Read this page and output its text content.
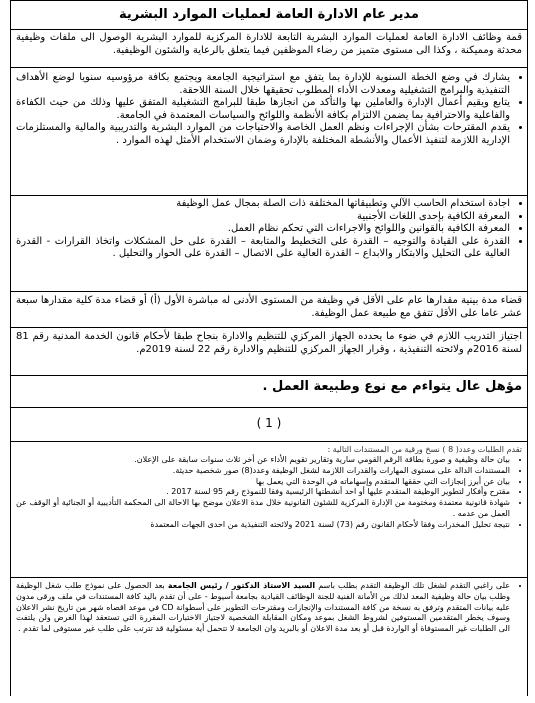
مدير عام الادارة العامة لعمليات الموارد البشرية

قمة وظائف الادارة العامة لعمليات الموارد البشرية التابعة للادارة المركزية للموارد البشرية الوصول الى ملفات وظيفية محدثة ومميكنة ، وكذا الى مستوى متميز من رضاء الموظفين فيما يتعلق بالرعاية والشئون الوظيفية.

• يشارك في وضع الخطة السنوية للإدارة بما يتفق مع استراتيجية الجامعة ويجتمع بكافة مرؤوسيه سنويا لوضع الأهداف التنفيذية والبرامج التشغيلية ومعدلات الأداء المطلوب تحقيقها خلال السنة اللاحقة.
• يتابع ويقيم أعمال الإدارة والعاملين بها والتأكد من انجازها طبقا للبرامج التشغيلية المتفق عليها وذلك من حيث الكفاءة والفاعلية والاحترافية بما يضمن الالتزام بكافة الأنظمة واللوائح والسياسات المعتمدة في الجامعة.
• يقدم المقترحات بشأن الإجراءات ونظم العمل الخاصة والاحتياجات من الموارد البشرية والتدريبية والمالية والمستلزمات الإدارية اللازمة لتنفيذ الأعمال والأنشطة المختلفة بالإدارة وضمان الاستخدام الأمثل لهذه الموارد .
• اجادة استخدام الحاسب الآلي وتطبيقاتها المختلفة ذات الصلة بمجال عمل الوظيفة
• المعرفة الكافية بإحدى اللغات الأجنبية
• المعرفة الكافية بالقوانين واللوائح والاجراءات التي تحكم نظام العمل.
• القدرة على القيادة والتوجيه – القدرة على التخطيط والمتابعة – القدرة على حل المشكلات واتخاذ القرارات - القدرة العالية على التحليل والابتكار والابداع – القدرة العالية على الاتصال – القدرة على الحوار والتحليل .

قضاء مدة بينية مقدارها عام على الأقل في وظيفة من المستوى الأدنى له مباشرة الأول (أ) أو قضاء مدة كلية مقدارها سبعة عشر عاما على الأقل تتفق مع طبيعة عمل الوظيفة.

اجتياز التدريب اللازم في ضوء ما يحدده الجهاز المركزي للتنظيم والادارة بنجاح طبقا لأحكام قانون الخدمة المدنية رقم 81 لسنة 2016م ولائحته التنفيذية ، وقرار الجهاز المركزي للتنظيم والادارة رقم 22 لسنة 2019م.

مؤهل عال يتواءم مع نوع وطبيعة العمل .

( 1 )

تقدم الطلبات وعدد( 8 ) نسخ ورقية من المستندات التالية :

• بيان حالة وظيفية و صورة بطاقة الرقم القومي سارية وتقارير تقويم الأداء عن أخر ثلاث سنوات سابقة على الإعلان.
• المستندات الدالة على مستوى المهارات والقدرات اللازمة لشغل الوظيفة وعدد(8) صور شخصية حديثة.
• بيان عن أبرز إنجازات التي حققها المتقدم وإسهاماته في الوحدة التي يعمل بها
• مقترح وأفكار لتطوير الوظيفة المتقدم عليها أو احد أنشطتها الرئيسية وفقا للنموذج رقم 95 لسنة 2017 .
• شهادة قانونية معتمدة ومختومة من الإدارة المركزية للشئون القانونية خلال مدة الاعلان موضح بها الاحالة الى المحكمة التأديبية أو الجنائية أو الوقف عن العمل من عدمه .
• نتيجة تحليل المخدرات وفقا لأحكام القانون رقم (73) لسنة 2021 ولائحته التنفيذية من احدى الجهات المعتمدة
• على راغبي التقدم لشغل تلك الوظيفة التقدم بطلب باسم السيد الاستاذ الدكتور / رئيس الجامعة بعد الحصول على نموذج طلب شغل الوظيفة وطلب بيان حالة وظيفية المعد لذلك من الأمانة الفنية للجنة الوظائف القيادية بجامعة أسيوط - على أن تقدم باليد كافة المستندات في ملف ورقى مدون عليه بيانات المتقدم وترفق به نسخة من كافة المستندات والإنجازات ومقترحات التطوير على أسطوانة CD في موعد اقصاه شهر من تاريخ نشر الاعلان وسوف يخطر المتقدمين المستوفين لشروط الشغل بموعد ومكان المقابلة الشخصية لاجتياز الاختبارات المقررة التي تستعقد لهذا الغرض ولن يلتفت الى الطلبات غير المستوفاة أو الواردة قبل أو بعد مدة الاعلان أو بالبريد وان الجامعة لا تتحمل أية مسئولية قد تترتب على طلب غير مستوفى لما تقدم .
